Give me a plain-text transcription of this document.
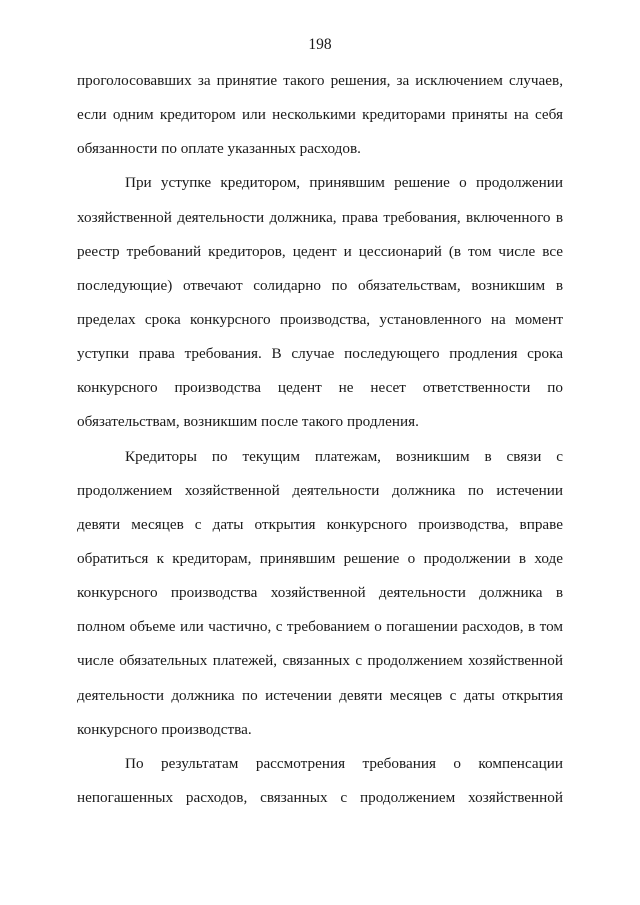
198
проголосовавших за принятие такого решения, за исключением случаев,
если одним кредитором или несколькими кредиторами приняты на себя
обязанности по оплате указанных расходов.
При уступке кредитором, принявшим решение о продолжении
хозяйственной деятельности должника, права требования, включенного в
реестр требований кредиторов, цедент и цессионарий (в том числе все
последующие) отвечают солидарно по обязательствам, возникшим в
пределах срока конкурсного производства, установленного на момент
уступки права требования. В случае последующего продления срока
конкурсного производства цедент не несет ответственности по
обязательствам, возникшим после такого продления.
Кредиторы по текущим платежам, возникшим в связи с
продолжением хозяйственной деятельности должника по истечении
девяти месяцев с даты открытия конкурсного производства, вправе
обратиться к кредиторам, принявшим решение о продолжении в ходе
конкурсного производства хозяйственной деятельности должника в
полном объеме или частично, с требованием о погашении расходов, в том
числе обязательных платежей, связанных с продолжением хозяйственной
деятельности должника по истечении девяти месяцев с даты открытия
конкурсного производства.
По результатам рассмотрения требования о компенсации
непогашенных расходов, связанных с продолжением хозяйственной
